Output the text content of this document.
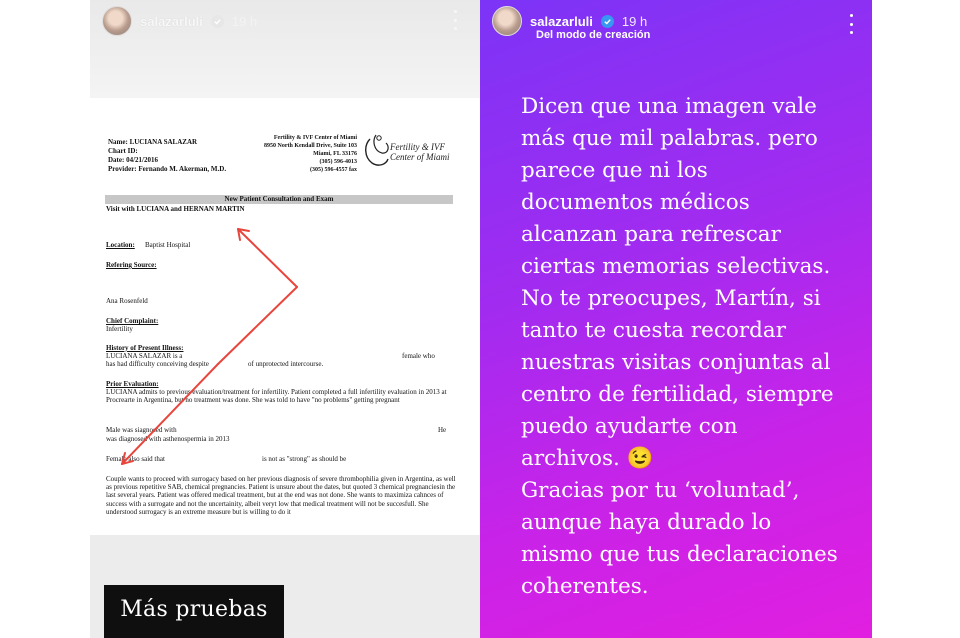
salazarluli 19 h
Name: LUCIANA SALAZAR
Chart ID:
Date: 04/21/2016
Provider: Fernando M. Akerman, M.D.
Fertility & IVF Center of Miami
8950 North Kendall Drive, Suite 103
Miami, FL 33176
(305) 596-4013
(305) 596-4557 fax
Fertility & IVF
Center of Miami
New Patient Consultation and Exam
Visit with LUCIANA and HERNAN MARTIN
Location: Baptist Hospital
Refering Source:
Ana Rosenfeld
Chief Complaint:
Infertility
History of Present Illness:
LUCIANA SALAZAR is a	female who
has had difficulty conceiving despite	of unprotected intercourse.
Prior Evaluation:
LUCIANA admits to previous evaluation/treatment for infertility. Patient completed a full infertility evaluation in 2013 at Procrearte in Argentina, but no treatment was done. She was told to have "no problems" getting pregnant
Male was siagnosed with	He
was diagnosed with asthenospermia in 2013
Female also said that	is not as "strong" as should be
Couple wants to proceed with surrogacy based on her previous diagnosis of severe thrombophilia given in Argentina, as well as previous repetitive SAB, chemical pregnancies. Patient is unsure about the dates, but quoted 3 chemical pregnanciesin the last several years. Patient was offered medical treatment, but at the end was not done. She wants to maximiza cahnces of success with a surrogate and not the uncertainity, albeit veryt low that medical treatment will not be succesfull. She understood surrogacy is an extreme measure but is willing to do it
Más pruebas
salazarluli 19 h
Del modo de creación
Dicen que una imagen vale
más que mil palabras. pero
parece que ni los
documentos médicos
alcanzan para refrescar
ciertas memorias selectivas.
No te preocupes, Martín, si
tanto te cuesta recordar
nuestras visitas conjuntas al
centro de fertilidad, siempre
puedo ayudarte con
archivos. 😉
Gracias por tu ‘voluntad’,
aunque haya durado lo
mismo que tus declaraciones
coherentes.
